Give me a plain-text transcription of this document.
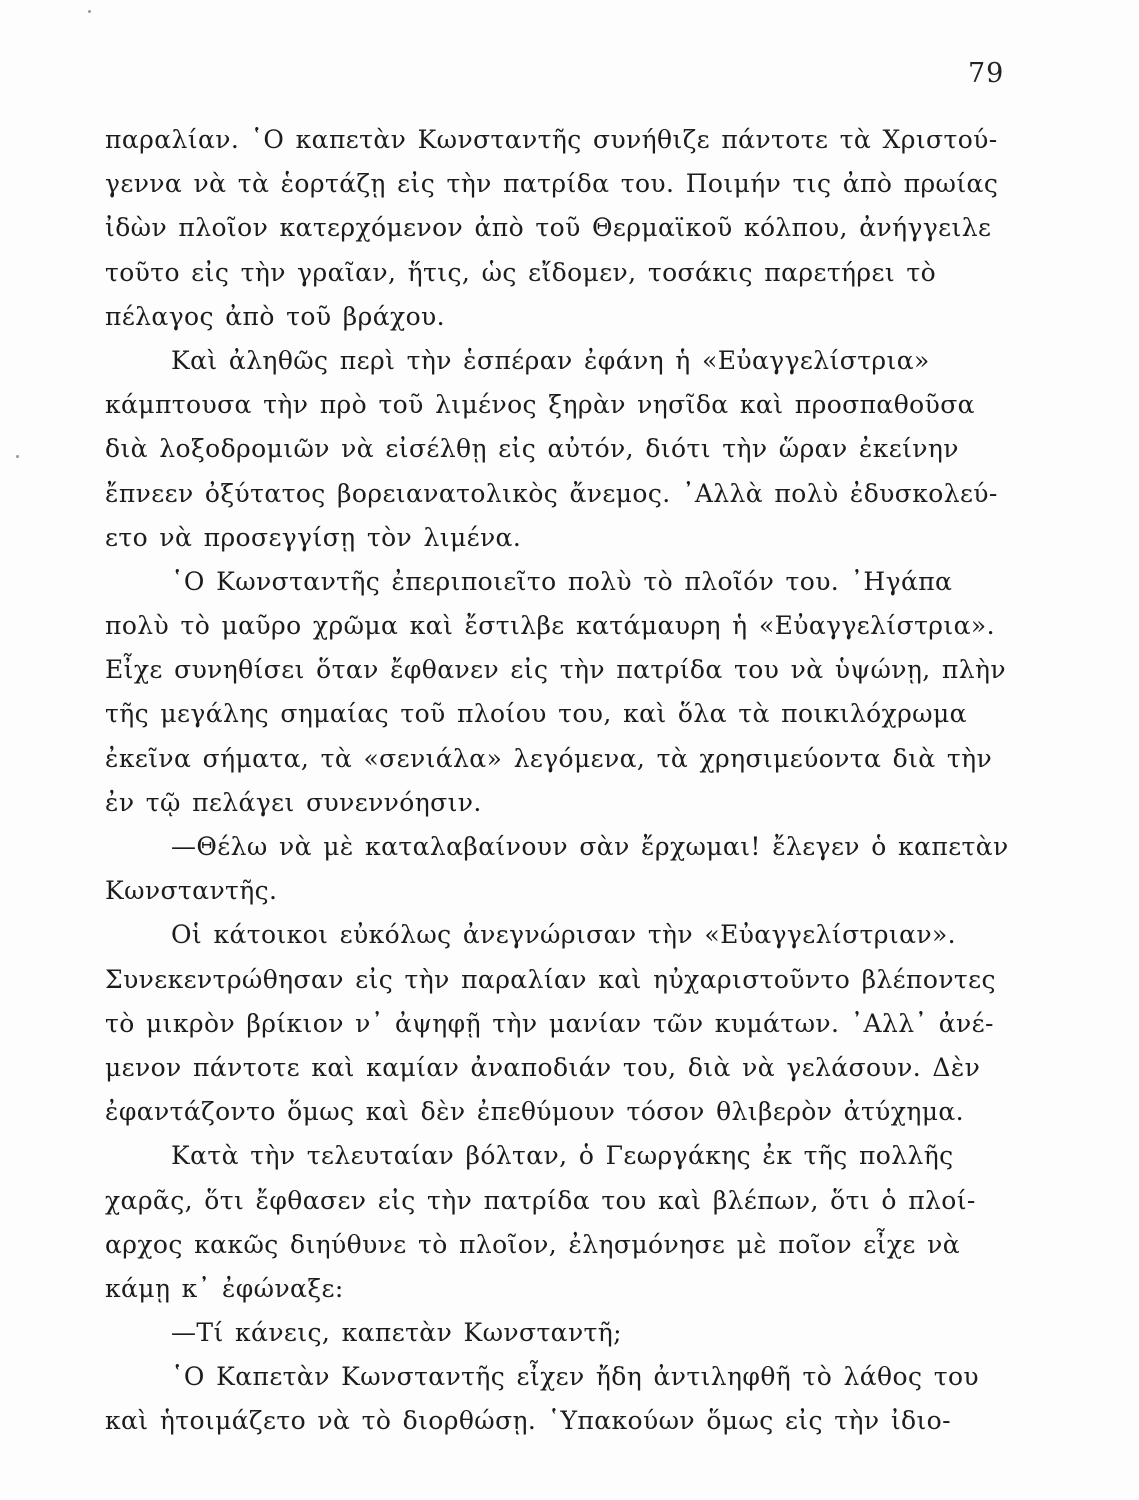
79
παραλίαν. ῾Ο καπετὰν Κωνσταντῆς συνήθιζε πάντοτε τὰ Χριστού-
γεννα νὰ τὰ ἑορτάζῃ εἰς τὴν πατρίδα του. Ποιμήν τις ἀπὸ πρωίας
ἰδὼν πλοῖον κατερχόμενον ἀπὸ τοῦ Θερμαϊκοῦ κόλπου, ἀνήγγειλε
τοῦτο εἰς τὴν γραῖαν, ἥτις, ὡς εἴδομεν, τοσάκις παρετήρει τὸ
πέλαγος ἀπὸ τοῦ βράχου.
Καὶ ἀληθῶς περὶ τὴν ἑσπέραν ἐφάνη ἡ «Εὐαγγελίστρια»
κάμπτουσα τὴν πρὸ τοῦ λιμένος ξηρὰν νησῖδα καὶ προσπαθοῦσα
διὰ λοξοδρομιῶν νὰ εἰσέλθῃ εἰς αὐτόν, διότι τὴν ὥραν ἐκείνην
ἔπνεεν ὀξύτατος βορειανατολικὸς ἄνεμος. ᾿Αλλὰ πολὺ ἐδυσκολεύ-
ετο νὰ προσεγγίσῃ τὸν λιμένα.
῾Ο Κωνσταντῆς ἐπεριποιεῖτο πολὺ τὸ πλοῖόν του. ᾿Ηγάπα
πολὺ τὸ μαῦρο χρῶμα καὶ ἔστιλβε κατάμαυρη ἡ «Εὐαγγελίστρια».
Εἶχε συνηθίσει ὅταν ἔφθανεν εἰς τὴν πατρίδα του νὰ ὑψώνῃ, πλὴν
τῆς μεγάλης σημαίας τοῦ πλοίου του, καὶ ὅλα τὰ ποικιλόχρωμα
ἐκεῖνα σήματα, τὰ «σενιάλα» λεγόμενα, τὰ χρησιμεύοντα διὰ τὴν
ἐν τῷ πελάγει συνεννόησιν.
—Θέλω νὰ μὲ καταλαβαίνουν σὰν ἔρχωμαι! ἔλεγεν ὁ καπετὰν
Κωνσταντῆς.
Οἱ κάτοικοι εὐκόλως ἀνεγνώρισαν τὴν «Εὐαγγελίστριαν».
Συνεκεντρώθησαν εἰς τὴν παραλίαν καὶ ηὐχαριστοῦντο βλέποντες
τὸ μικρὸν βρίκιον ν᾿ ἀψηφῇ τὴν μανίαν τῶν κυμάτων. ᾿Αλλ᾿ ἀνέ-
μενον πάντοτε καὶ καμίαν ἀναποδιάν του, διὰ νὰ γελάσουν. Δὲν
ἐφαντάζοντο ὅμως καὶ δὲν ἐπεθύμουν τόσον θλιβερὸν ἀτύχημα.
Κατὰ τὴν τελευταίαν βόλταν, ὁ Γεωργάκης ἐκ τῆς πολλῆς
χαρᾶς, ὅτι ἔφθασεν εἰς τὴν πατρίδα του καὶ βλέπων, ὅτι ὁ πλοί-
αρχος κακῶς διηύθυνε τὸ πλοῖον, ἐλησμόνησε μὲ ποῖον εἶχε νὰ
κάμῃ κ᾿ ἐφώναξε:
—Τί κάνεις, καπετὰν Κωνσταντῆ;
῾Ο Καπετὰν Κωνσταντῆς εἶχεν ἤδη ἀντιληφθῆ τὸ λάθος του
καὶ ἡτοιμάζετο νὰ τὸ διορθώσῃ. ῾Υπακούων ὅμως εἰς τὴν ἰδιο-
